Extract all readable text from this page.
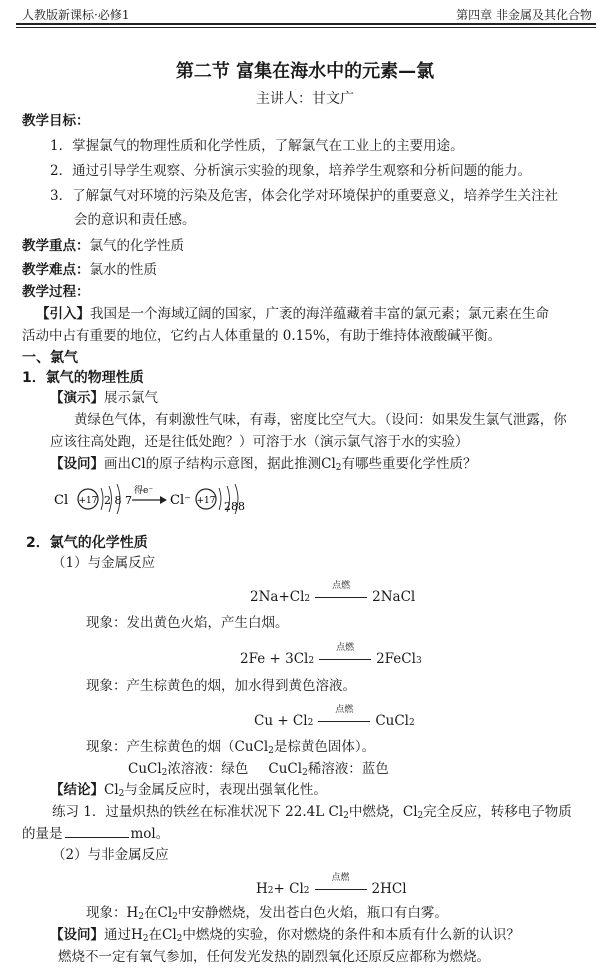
人教版新课标·必修1	第四章 非金属及其化合物
第二节 富集在海水中的元素—氯
主讲人：甘文广
教学目标：
1．掌握氯气的物理性质和化学性质，了解氯气在工业上的主要用途。
2．通过引导学生观察、分析演示实验的现象，培养学生观察和分析问题的能力。
3．了解氯气对环境的污染及危害，体会化学对环境保护的重要意义，培养学生关注社
会的意识和责任感。
教学重点：氯气的化学性质
教学难点：氯水的性质
教学过程：
【引入】我国是一个海域辽阔的国家，广袤的海洋蕴藏着丰富的氯元素；氯元素在生命
活动中占有重要的地位，它约占人体重量的 0.15%，有助于维持体液酸碱平衡。
一、氯气
1．氯气的物理性质
【演示】展示氯气
黄绿色气体，有刺激性气味，有毒，密度比空气大。（设问：如果发生氯气泄露，你
应该往高处跑，还是往低处跑？）可溶于水（演示氯气溶于水的实验）
【设问】画出Cl的原子结构示意图，据此推测$Cl_2$有哪些重要化学性质？
Cl +17 2 8 7
得e⁻
Cl⁻ +17 288
2．氯气的化学性质
（1）与金属反应
2Na+Cl 2
点燃
2NaCl
现象：发出黄色火焰，产生白烟。
2Fe + 3Cl 2
点燃
2FeCl 3
现象：产生棕黄色的烟，加水得到黄色溶液。
Cu + Cl 2
点燃
CuCl 2
现象：产生棕黄色的烟（CuCl$_2$是棕黄色固体）。
CuCl$_2$浓溶液：绿色 CuCl$_2$稀溶液：蓝色
【结论】$Cl_2$与金属反应时，表现出强氧化性。
练习 1．过量炽热的铁丝在标准状况下 22.4L $Cl_2$中燃烧，$Cl_2$完全反应，转移电子物质
的量是	mol。
（2）与非金属反应
H 2 + Cl 2
点燃
2HCl
现象：$H_2$在$Cl_2$中安静燃烧，发出苍白色火焰，瓶口有白雾。
【设问】通过$H_2$在$Cl_2$中燃烧的实验，你对燃烧的条件和本质有什么新的认识？
燃烧不一定有氧气参加，任何发光发热的剧烈氧化还原反应都称为燃烧。
